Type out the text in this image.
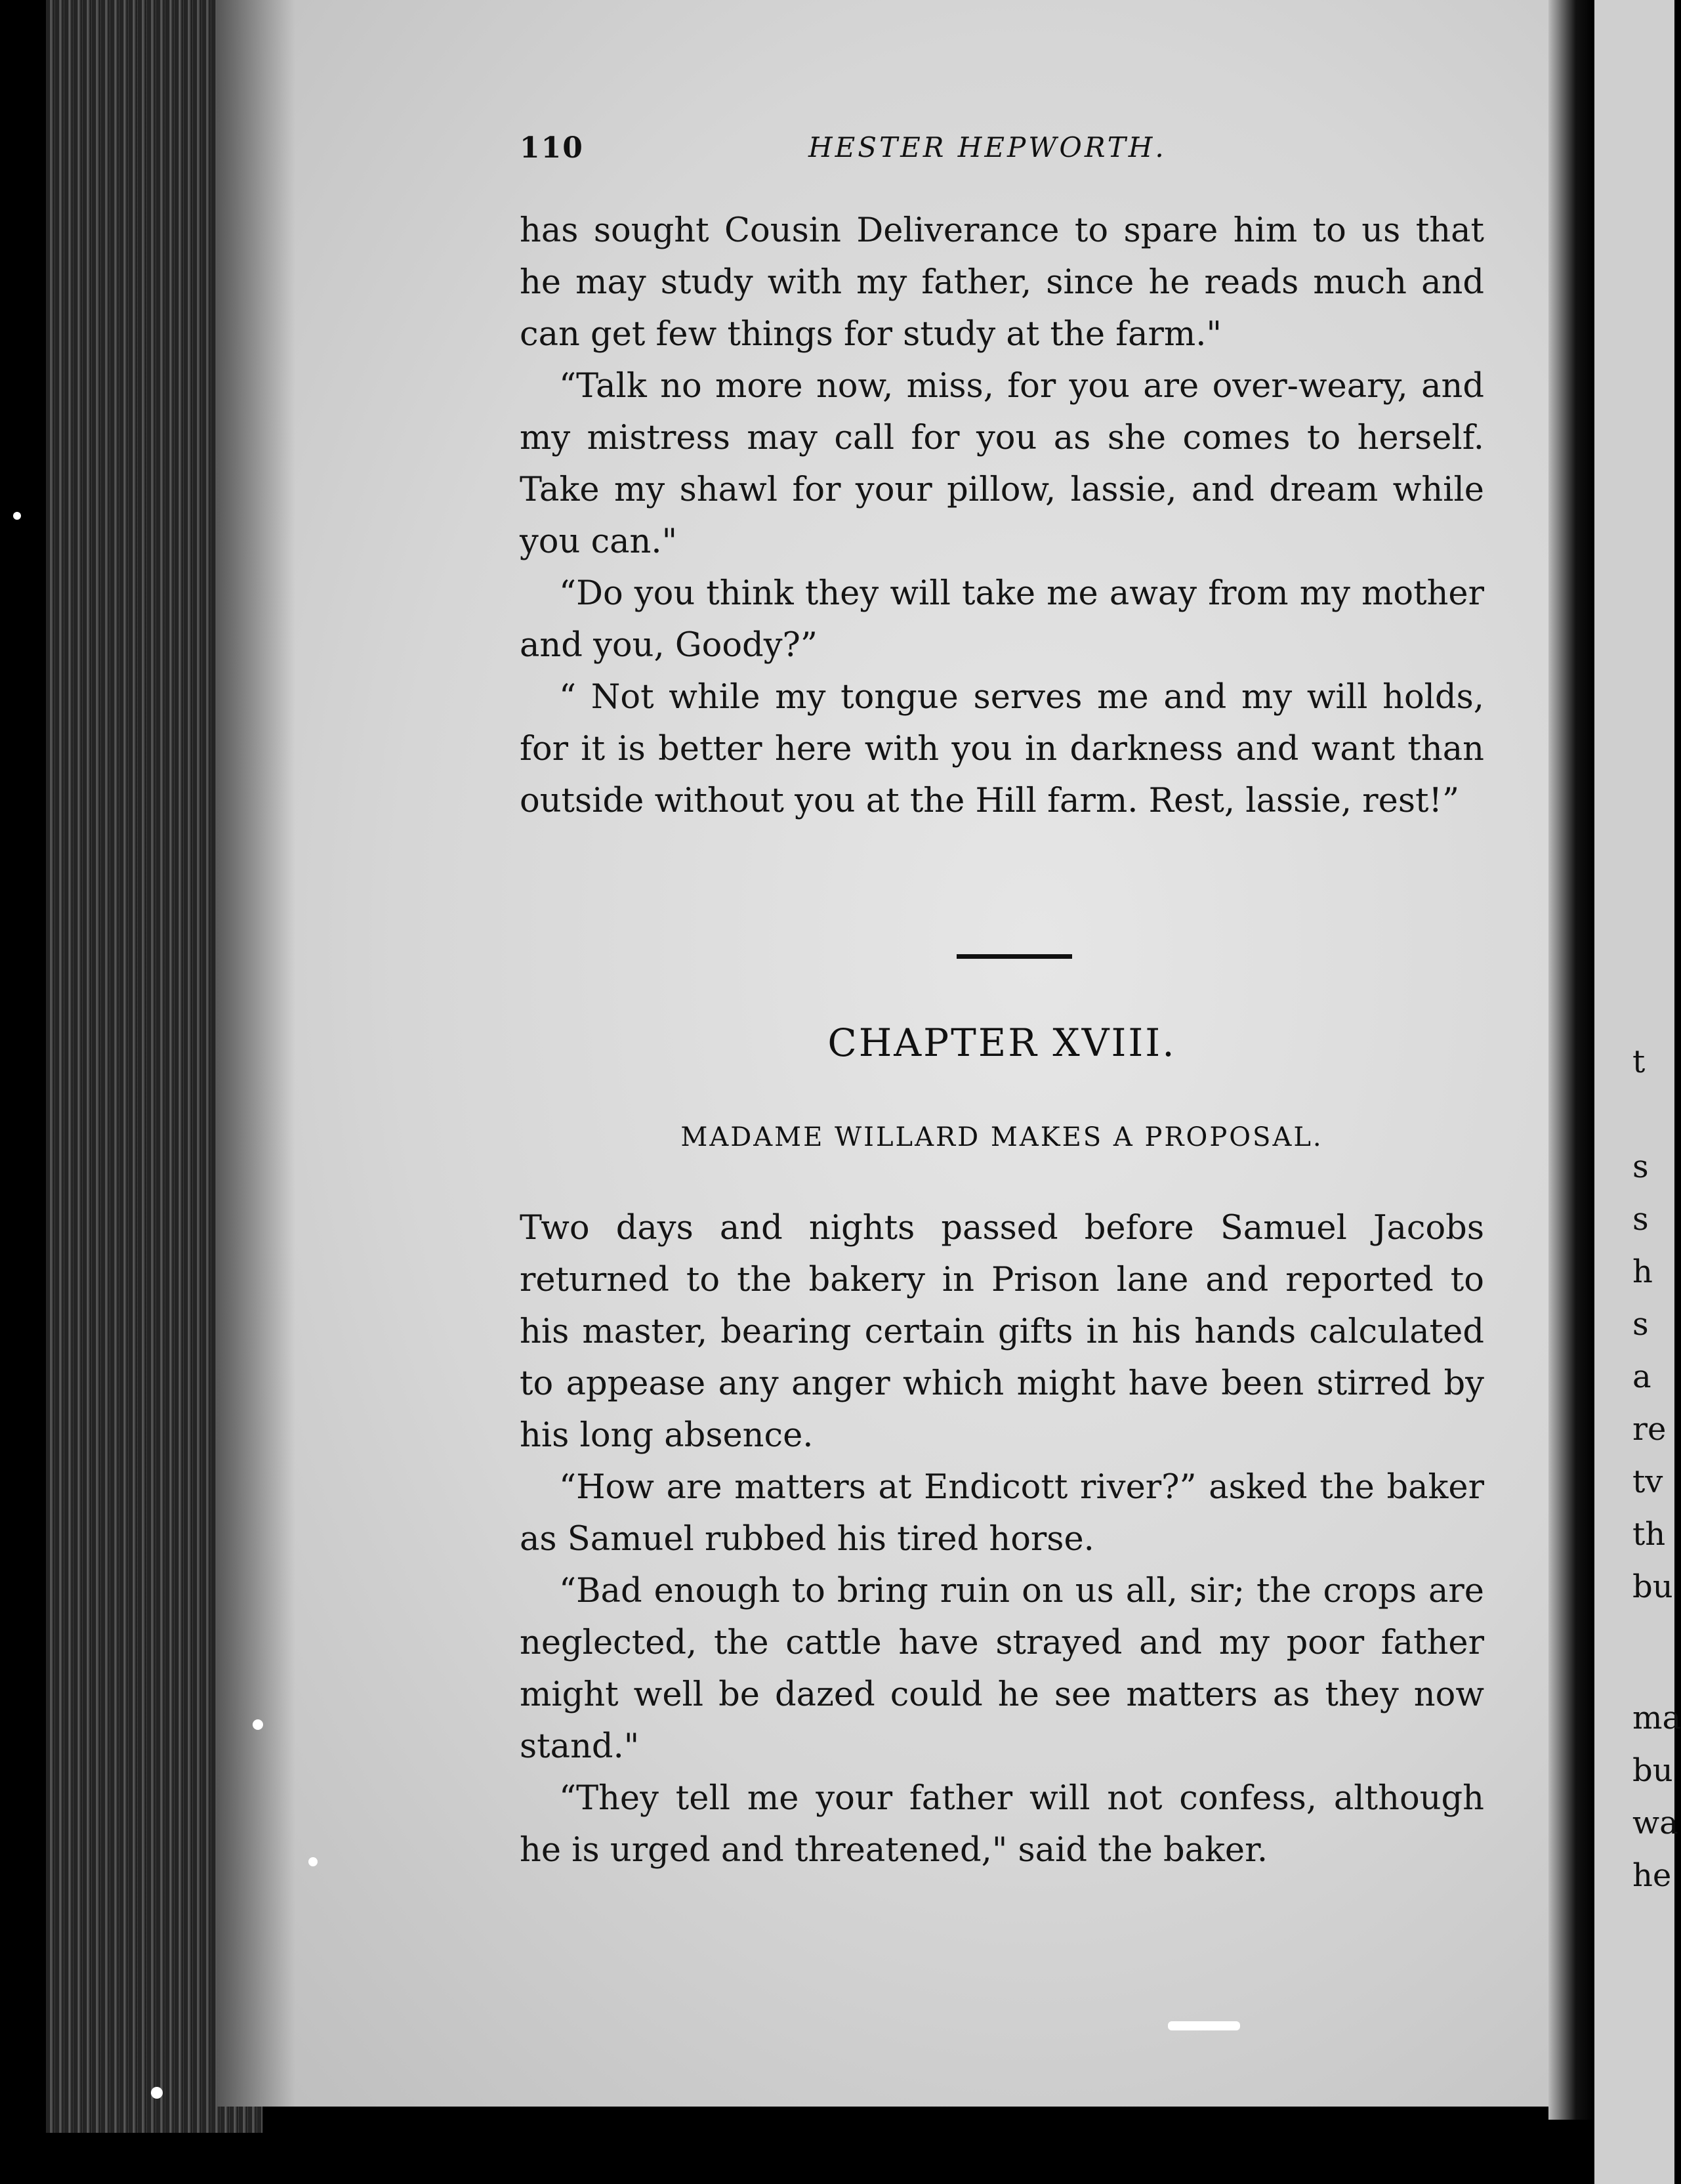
t
s
s
h
s
a
re
tv
th
bu
ma
bu
wa
he
110	HESTER HEPWORTH.

has sought Cousin Deliverance to spare him to us that he may study with my father, since he reads much and can get few things for study at the farm."

“Talk no more now, miss, for you are over-weary, and my mistress may call for you as she comes to herself. Take my shawl for your pillow, lassie, and dream while you can."

“Do you think they will take me away from my mother and you, Goody?”

“ Not while my tongue serves me and my will holds, for it is better here with you in darkness and want than outside without you at the Hill farm. Rest, lassie, rest!”

CHAPTER XVIII.
MADAME WILLARD MAKES A PROPOSAL.

Two days and nights passed before Samuel Jacobs returned to the bakery in Prison lane and reported to his master, bearing certain gifts in his hands calculated to appease any anger which might have been stirred by his long absence.

“How are matters at Endicott river?” asked the baker as Samuel rubbed his tired horse.

“Bad enough to bring ruin on us all, sir; the crops are neglected, the cattle have strayed and my poor father might well be dazed could he see matters as they now stand."

“They tell me your father will not confess, although he is urged and threatened," said the baker.
